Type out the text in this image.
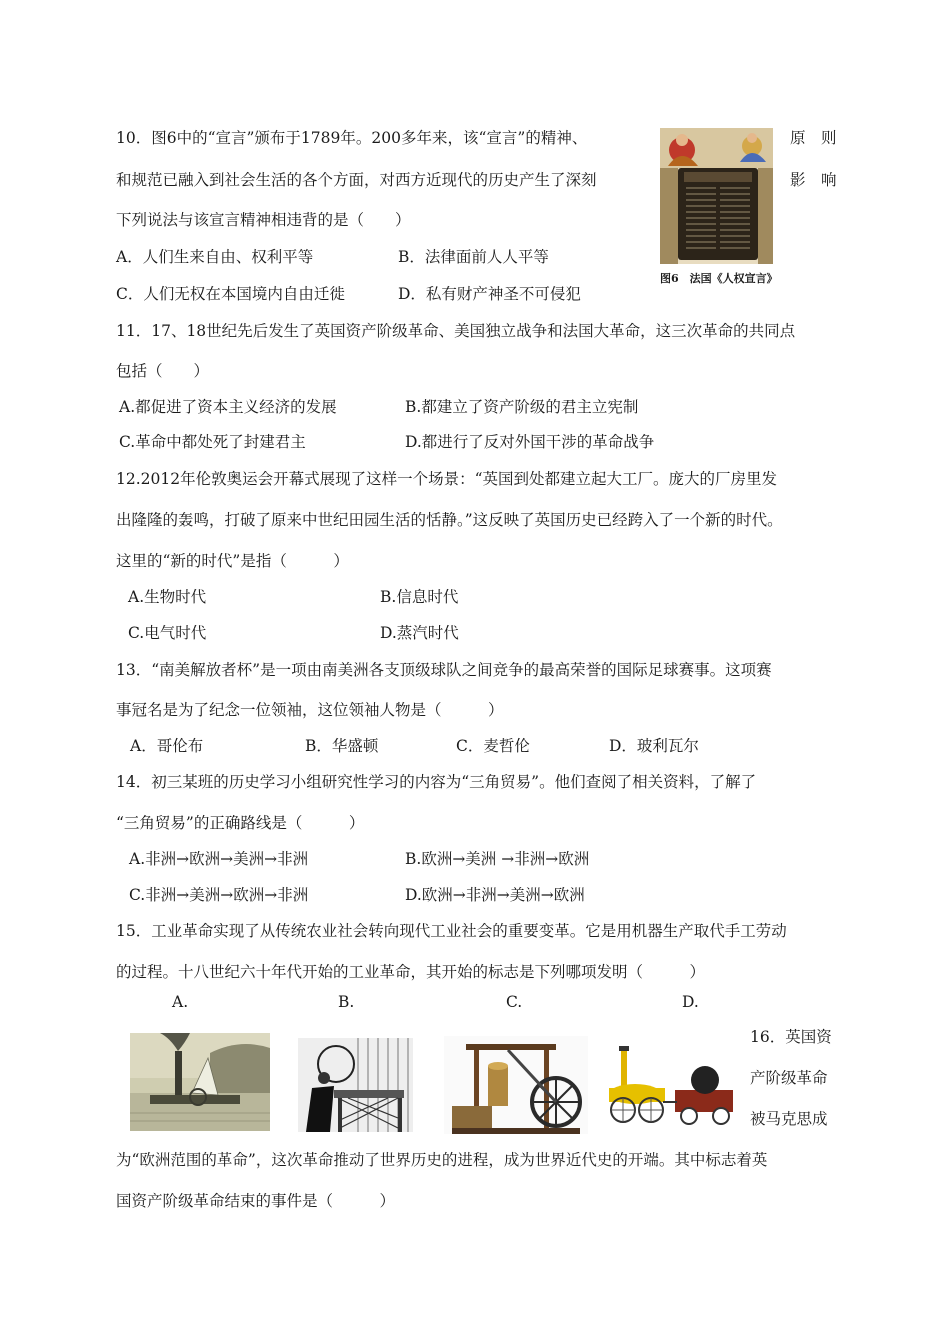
10．图6中的“宣言”颁布于1789年。200多年来，该“宣言”的精神、	原　则
和规范已融入到社会生活的各个方面，对西方近现代的历史产生了深刻	影　响
下列说法与该宣言精神相违背的是（　　）
A．人们生来自由、权利平等	B．法律面前人人平等
C．人们无权在本国境内自由迁徙	D．私有财产神圣不可侵犯
图6　法国《人权宣言》
11．17、18世纪先后发生了英国资产阶级革命、美国独立战争和法国大革命，这三次革命的共同点
包括（　　）
A.都促进了资本主义经济的发展	B.都建立了资产阶级的君主立宪制
C.革命中都处死了封建君主	D.都进行了反对外国干涉的革命战争
12.2012年伦敦奥运会开幕式展现了这样一个场景：“英国到处都建立起大工厂。庞大的厂房里发
出隆隆的轰鸣，打破了原来中世纪田园生活的恬静。”这反映了英国历史已经跨入了一个新的时代。
这里的“新的时代”是指（　　　）
A.生物时代	B.信息时代
C.电气时代	D.蒸汽时代
13．“南美解放者杯”是一项由南美洲各支顶级球队之间竞争的最高荣誉的国际足球赛事。这项赛
事冠名是为了纪念一位领袖，这位领袖人物是（　　　）
A．哥伦布	B．华盛顿	C．麦哲伦	D．玻利瓦尔
14．初三某班的历史学习小组研究性学习的内容为“三角贸易”。他们查阅了相关资料，了解了
“三角贸易”的正确路线是（　　　）
A.非洲→欧洲→美洲→非洲	B.欧洲→美洲 →非洲→欧洲
C.非洲→美洲→欧洲→非洲	D.欧洲→非洲→美洲→欧洲
15．工业革命实现了从传统农业社会转向现代工业社会的重要变革。它是用机器生产取代手工劳动
的过程。十八世纪六十年代开始的工业革命，其开始的标志是下列哪项发明（　　　）
A.	B.	C.	D.
16．英国资
产阶级革命
被马克思成
为“欧洲范围的革命”，这次革命推动了世界历史的进程，成为世界近代史的开端。其中标志着英
国资产阶级革命结束的事件是（　　　）
